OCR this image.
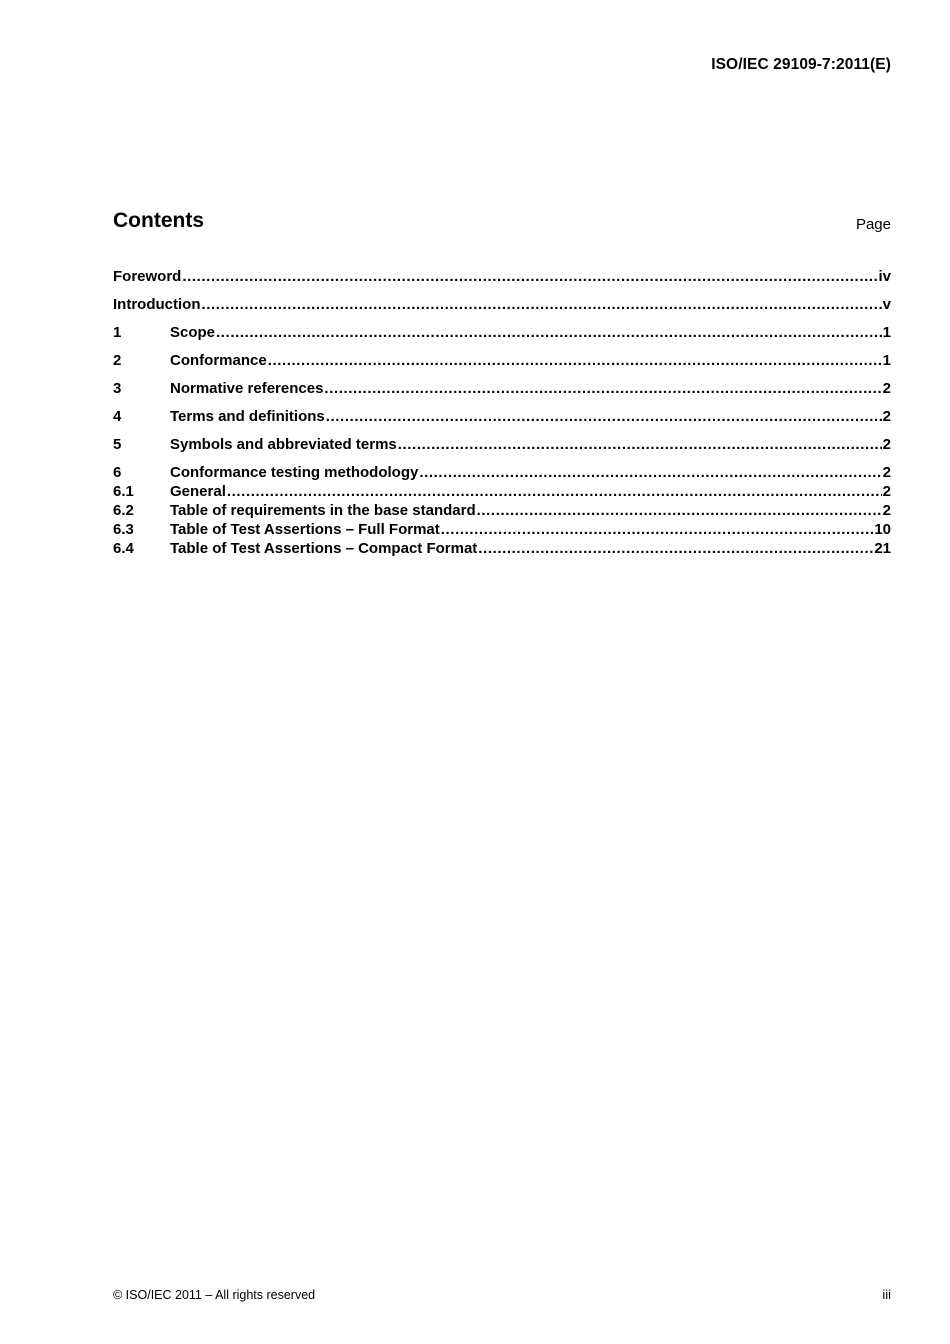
ISO/IEC 29109-7:2011(E)
Contents	Page
Foreword .....	iv
Introduction .....	v
1	Scope .....	1
2	Conformance .....	1
3	Normative references .....	2
4	Terms and definitions .....	2
5	Symbols and abbreviated terms .....	2
6	Conformance testing methodology .....	2
6.1	General .....	2
6.2	Table of requirements in the base standard .....	2
6.3	Table of Test Assertions – Full Format .....	10
6.4	Table of Test Assertions – Compact Format .....	21
© ISO/IEC 2011 – All rights reserved	iii
